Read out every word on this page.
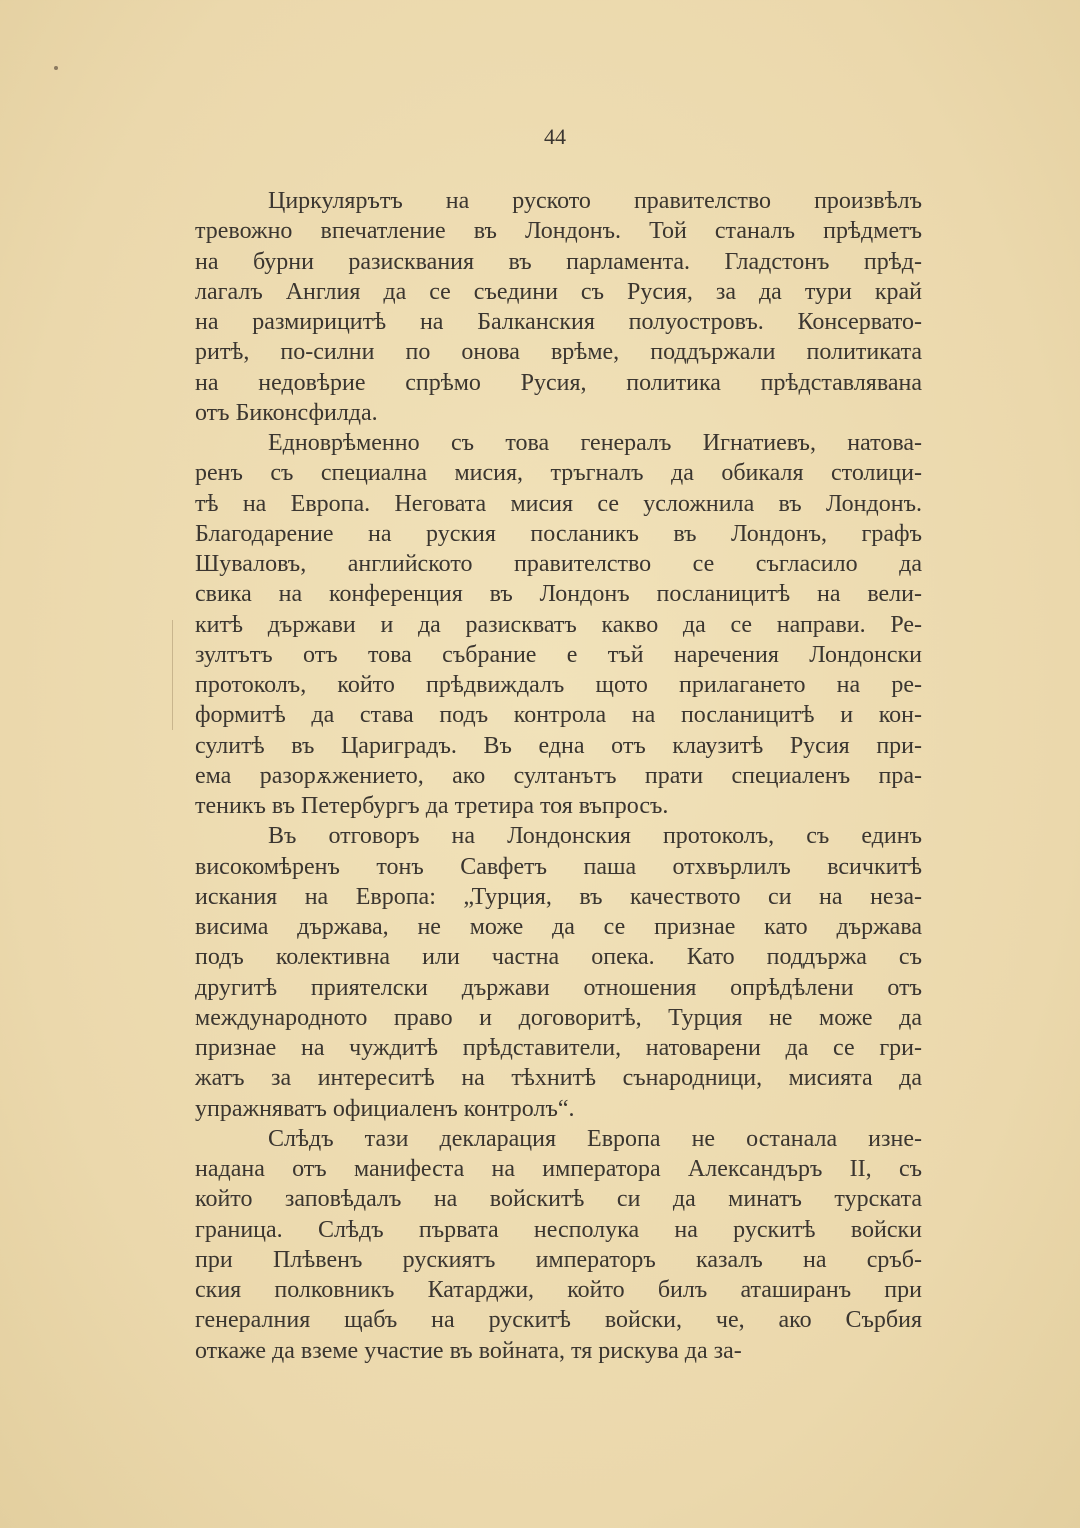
44
Циркулярътъ на руското правителство произвѣлъ
тревожно впечатление въ Лондонъ. Той станалъ прѣдметъ
на бурни разисквания въ парламента. Гладстонъ прѣд-
лагалъ Англия да се съедини съ Русия, за да тури край
на размирицитѣ на Балканския полуостровъ. Консервато-
ритѣ, по-силни по онова врѣме, поддържали политиката
на недовѣрие спрѣмо Русия, политика прѣдставлявана
отъ Биконсфилда.
Едноврѣменно съ това генералъ Игнатиевъ, натова-
ренъ съ специална мисия, тръгналъ да обикаля столици-
тѣ на Европа. Неговата мисия се усложнила въ Лондонъ.
Благодарение на руския посланикъ въ Лондонъ, графъ
Шуваловъ, английското правителство се съгласило да
свика на конференция въ Лондонъ посланицитѣ на вели-
китѣ държави и да разискватъ какво да се направи. Ре-
зултътъ отъ това събрание е тъй наречения Лондонски
протоколъ, който прѣдвиждалъ щото прилагането на ре-
формитѣ да става подъ контрола на посланицитѣ и кон-
сулитѣ въ Цариградъ. Въ една отъ клаузитѣ Русия при-
ема разорѫжението, ако султанътъ прати специаленъ пра-
теникъ въ Петербургъ да третира тоя въпросъ.
Въ отговоръ на Лондонския протоколъ, съ единъ
високомѣренъ тонъ Савфетъ паша отхвърлилъ всичкитѣ
искания на Европа: „Турция, въ качеството си на неза-
висима държава, не може да се признае като държава
подъ колективна или частна опека. Като поддържа съ
другитѣ приятелски държави отношения опрѣдѣлени отъ
международното право и договоритѣ, Турция не може да
признае на чуждитѣ прѣдставители, натоварени да се гри-
жатъ за интереситѣ на тѣхнитѣ сънародници, мисията да
упражняватъ официаленъ контролъ“.
Слѣдъ тази декларация Европа не останала изне-
надана отъ манифеста на императора Александъръ II, съ
който заповѣдалъ на войскитѣ си да минатъ турската
граница. Слѣдъ първата несполука на рускитѣ войски
при Плѣвенъ рускиятъ императоръ казалъ на сръб-
ския полковникъ Катарджи, който билъ аташиранъ при
генералния щабъ на рускитѣ войски, че, ако Сърбия
откаже да вземе участие въ войната, тя рискува да за-
